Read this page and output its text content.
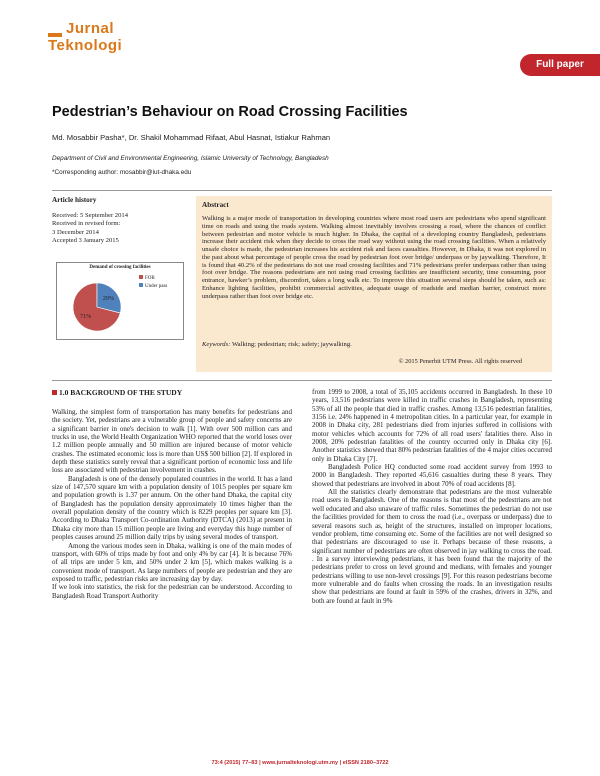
Jurnal
Teknologi
Full paper
Pedestrian’s Behaviour on Road Crossing Facilities
Md. Mosabbir Pasha*, Dr. Shakil Mohammad Rifaat, Abul Hasnat, Istiakur Rahman
Department of Civil and Environmental Engineering, Islamic University of Technology, Bangladesh
*Corresponding author: mosabbir@iut-dhaka.edu
Article history
Received: 5 September 2014
Received in revised form:
3 December 2014
Accepted 3 January 2015
Demand of crossing facilities
71%
29%
FOB
Under pass
Abstract
Walking is a major mode of transportation in developing countries where most road users are pedestrians who spend significant time on roads and using the roads system. Walking almost inevitably involves crossing a road, where the chances of conflict between pedestrian and motor vehicle is much higher. In Dhaka, the capital of a developing country Bangladesh, pedestrians increase their accident risk when they decide to cross the road way without using the road crossing facilities. When a relatively unsafe choice is made, the pedestrian increases his accident risk and faces casualties. However, in Dhaka, it was not explored in the past about what percentage of people cross the road by pedestrian foot over bridge/ underpass or by jaywalking. Therefore, It is found that 40.2% of the pedestrians do not use road crossing facilities and 71% pedestrians prefer underpass rather than using foot over bridge. The reasons pedestrians are not using road crossing facilities are insufficient security, time consuming, poor entrance, hawker’s problem, discomfort, takes a long walk etc. To improve this situation several steps should be taken, such as: Enhance lighting facilities, prohibit commercial activities, adequate usage of roadside and median barrier, construct more underpass rather than foot over bridge etc.
Keywords: Walking; pedestrian; risk; safety; jaywalking.
© 2015 Penerbit UTM Press. All rights reserved
1.0 BACKGROUND OF THE STUDY

Walking, the simplest form of transportation has many benefits for pedestrians and the society. Yet, pedestrians are a vulnerable group of people and safety concerns are a significant barrier in one's decision to walk [1]. With over 500 million cars and trucks in use, the World Health Organization WHO reported that the world loses over 1.2 million people annually and 50 million are injured because of motor vehicle crashes. The estimated economic loss is more than US$ 500 billion [2]. If explored in depth these statistics surely reveal that a significant portion of economic loss and life loss are associated with pedestrian involvement in crashes.

Bangladesh is one of the densely populated countries in the world. It has a land size of 147,570 square km with a population density of 1015 peoples per square km and population growth is 1.37 per annum. On the other hand Dhaka, the capital city of Bangladesh has the population density approximately 10 times higher than the overall population density of the country which is 8229 peoples per square km [3]. According to Dhaka Transport Co-ordination Authority (DTCA) (2013) at present in Dhaka city more than 15 million people are living and everyday this huge number of peoples causes around 25 million daily trips by using several modes of transport.

Among the various modes seen in Dhaka, walking is one of the main modes of transport, with 60% of trips made by foot and only 4% by car [4]. It is because 76% of all trips are under 5 km, and 50% under 2 km [5], which makes walking is a convenient mode of transport. As large numbers of people are pedestrian and they are exposed to traffic, pedestrian risks are increasing day by day.

If we look into statistics, the risk for the pedestrian can be understood. According to Bangladesh Road Transport Authority

from 1999 to 2008, a total of 35,105 accidents occurred in Bangladesh. In these 10 years, 13,516 pedestrians were killed in traffic crashes in Bangladesh, representing 53% of all the people that died in traffic crashes. Among 13,516 pedestrian fatalities, 3156 i.e. 24% happened in 4 metropolitan cities. In a particular year, for example in 2008 in Dhaka city, 281 pedestrians died from injuries suffered in collisions with motor vehicles which accounts for 72% of all road users' fatalities there. Also in 2008, 20% pedestrian fatalities of the country occurred only in Dhaka city [6]. Another statistics showed that 80% pedestrian fatalities of the 4 major cities occurred only in Dhaka City [7].

Bangladesh Police HQ conducted some road accident survey from 1993 to 2000 in Bangladesh. They reported 45,616 casualties during these 8 years. They showed that pedestrians are involved in about 70% of road accidents [8].

All the statistics clearly demonstrate that pedestrians are the most vulnerable road users in Bangladesh. One of the reasons is that most of the pedestrians are not well educated and also unaware of traffic rules. Sometimes the pedestrian do not use the facilities provided for them to cross the road (i.e., overpass or underpass) due to several reasons such as, height of the structures, installed on improper locations, vendor problem, time consuming etc. Some of the facilities are not well designed so that pedestrians are discouraged to use it. Perhaps because of these reasons, a significant number of pedestrians are often observed in jay walking to cross the road. . In a survey interviewing pedestrians, it has been found that the majority of the pedestrians prefer to cross on level ground and medians, with females and younger pedestrians willing to use non-level crossings [9]. For this reason pedestrians become more vulnerable and do faults when crossing the roads. In an investigation results show that pedestrians are found at fault in 59% of the crashes, drivers in 32%, and both are found at fault in 9%

73:4 (2015) 77–83 | www.jurnalteknologi.utm.my | eISSN 2180–3722
